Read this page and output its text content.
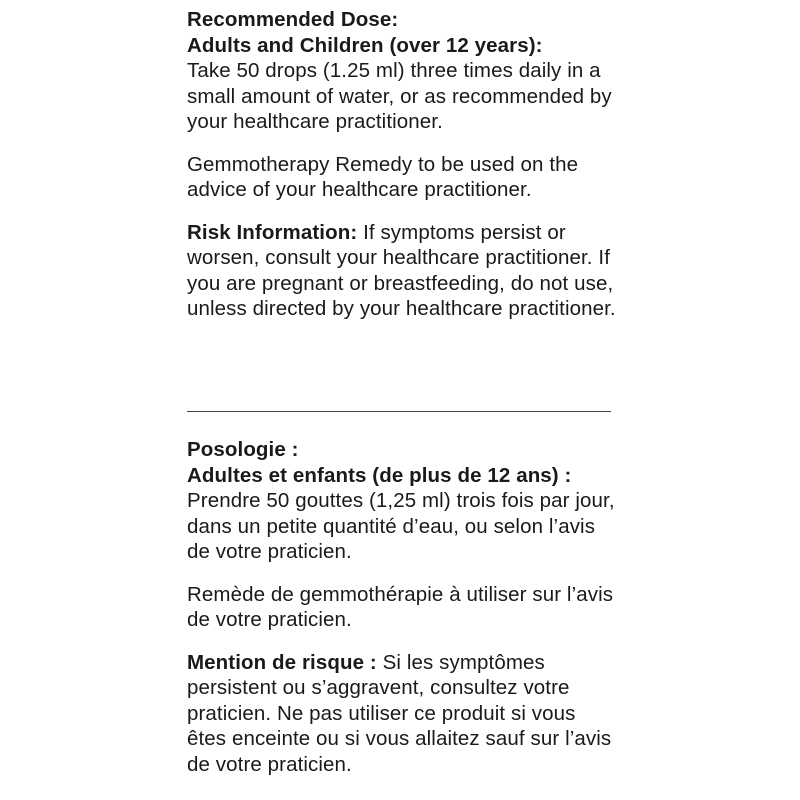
Recommended Dose:
Adults and Children (over 12 years):
Take 50 drops (1.25 ml) three times daily in a small amount of water, or as recommended by your healthcare practitioner.
Gemmotherapy Remedy to be used on the advice of your healthcare practitioner.
Risk Information: If symptoms persist or worsen, consult your healthcare practitioner. If you are pregnant or breastfeeding, do not use, unless directed by your healthcare practitioner.
Posologie :
Adultes et enfants (de plus de 12 ans) :
Prendre 50 gouttes (1,25 ml) trois fois par jour, dans un petite quantité d’eau, ou selon l’avis de votre praticien.
Remède de gemmothérapie à utiliser sur l’avis de votre praticien.
Mention de risque : Si les symptômes persistent ou s’aggravent, consultez votre praticien. Ne pas utiliser ce produit si vous êtes enceinte ou si vous allaitez sauf sur l’avis de votre praticien.
